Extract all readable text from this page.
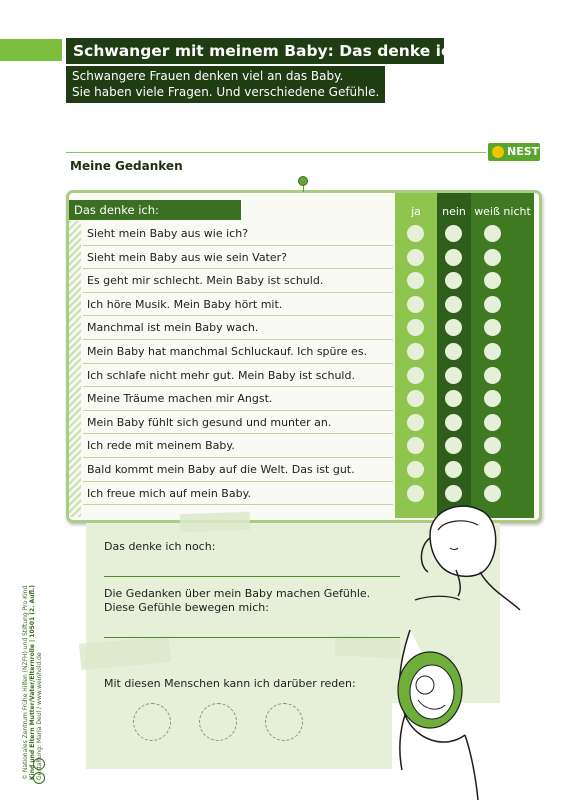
Schwanger mit meinem Baby: Das denke ich!
Schwangere Frauen denken viel an das Baby.
Sie haben viele Fragen. Und verschiedene Gefühle.
NEST
Meine Gedanken
Das denke ich:	ja	nein weiß nicht
Sieht mein Baby aus wie ich?
Sieht mein Baby aus wie sein Vater?
Es geht mir schlecht. Mein Baby ist schuld.
Ich höre Musik. Mein Baby hört mit.
Manchmal ist mein Baby wach.
Mein Baby hat manchmal Schluckauf. Ich spüre es.
Ich schlafe nicht mehr gut. Mein Baby ist schuld.
Meine Träume machen mir Angst.
Mein Baby fühlt sich gesund und munter an.
Ich rede mit meinem Baby.
Bald kommt mein Baby auf die Welt. Das ist gut.
Ich freue mich auf mein Baby.
Das denke ich noch:
Die Gedanken über mein Baby machen Gefühle.
Diese Gefühle bewegen mich:
Mit diesen Menschen kann ich darüber reden:
© Nationales Zentrum Frühe Hilfen (NZFH) und Stiftung Pro Kind Kind und Eltern Mutter/Vater/Elternrolle | 10501 (2. Aufl.) Gestaltung: Maria Deul / www.weinhold.de
